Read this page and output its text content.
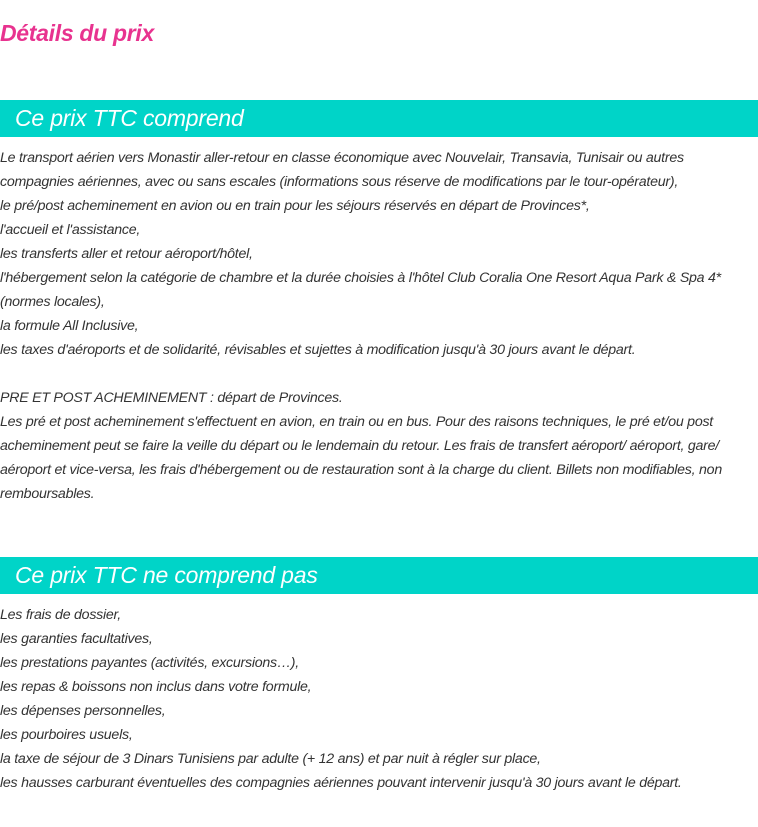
Détails du prix
Ce prix TTC comprend

Le transport aérien vers Monastir aller-retour en classe économique avec Nouvelair, Transavia, Tunisair ou autres compagnies aériennes, avec ou sans escales (informations sous réserve de modifications par le tour-opérateur),

le pré/post acheminement en avion ou en train pour les séjours réservés en départ de Provinces*,

l'accueil et l'assistance,

les transferts aller et retour aéroport/hôtel,

l'hébergement selon la catégorie de chambre et la durée choisies à l'hôtel Club Coralia One Resort Aqua Park & Spa 4* (normes locales),

la formule All Inclusive,

les taxes d'aéroports et de solidarité, révisables et sujettes à modification jusqu'à 30 jours avant le départ.

PRE ET POST ACHEMINEMENT : départ de Provinces.

Les pré et post acheminement s'effectuent en avion, en train ou en bus. Pour des raisons techniques, le pré et/ou post acheminement peut se faire la veille du départ ou le lendemain du retour. Les frais de transfert aéroport/ aéroport, gare/ aéroport et vice-versa, les frais d'hébergement ou de restauration sont à la charge du client. Billets non modifiables, non remboursables.

Ce prix TTC ne comprend pas

Les frais de dossier,

les garanties facultatives,

les prestations payantes (activités, excursions…),

les repas & boissons non inclus dans votre formule,

les dépenses personnelles,

les pourboires usuels,

la taxe de séjour de 3 Dinars Tunisiens par adulte (+ 12 ans) et par nuit à régler sur place,

les hausses carburant éventuelles des compagnies aériennes pouvant intervenir jusqu'à 30 jours avant le départ.
